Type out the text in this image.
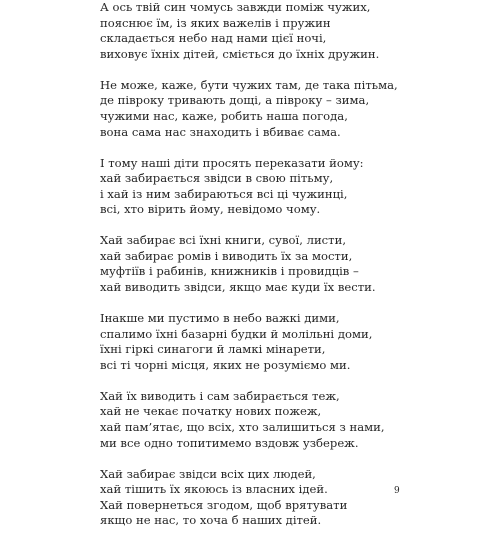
А ось твій син чомусь завжди поміж чужих,
пояснює їм, із яких важелів і пружин
складається небо над нами цієї ночі,
виховує їхніх дітей, сміється до їхніх дружин.
Не може, каже, бути чужих там, де така пітьма,
де півроку тривають дощі, а півроку – зима,
чужими нас, каже, робить наша погода,
вона сама нас знаходить і вбиває сама.
І тому наші діти просять переказати йому:
хай забирається звідси в свою пітьму,
і хай із ним забираються всі ці чужинці,
всі, хто вірить йому, невідомо чому.
Хай забирає всі їхні книги, сувої, листи,
хай забирає ромів і виводить їх за мости,
муфтіїв і рабинів, книжників і провидців –
хай виводить звідси, якщо має куди їх вести.
Інакше ми пустимо в небо важкі дими,
спалимо їхні базарні будки й молільні доми,
їхні гіркі синагоги й ламкі мінарети,
всі ті чорні місця, яких не розуміємо ми.
Хай їх виводить і сам забирається теж,
хай не чекає початку нових пожеж,
хай пам’ятає, що всіх, хто залишиться з нами,
ми все одно топитимемо вздовж узбереж.
Хай забирає звідси всіх цих людей,
хай тішить їх якоюсь із власних ідей.
Хай повернеться згодом, щоб врятувати
якщо не нас, то хоча б наших дітей.
9
